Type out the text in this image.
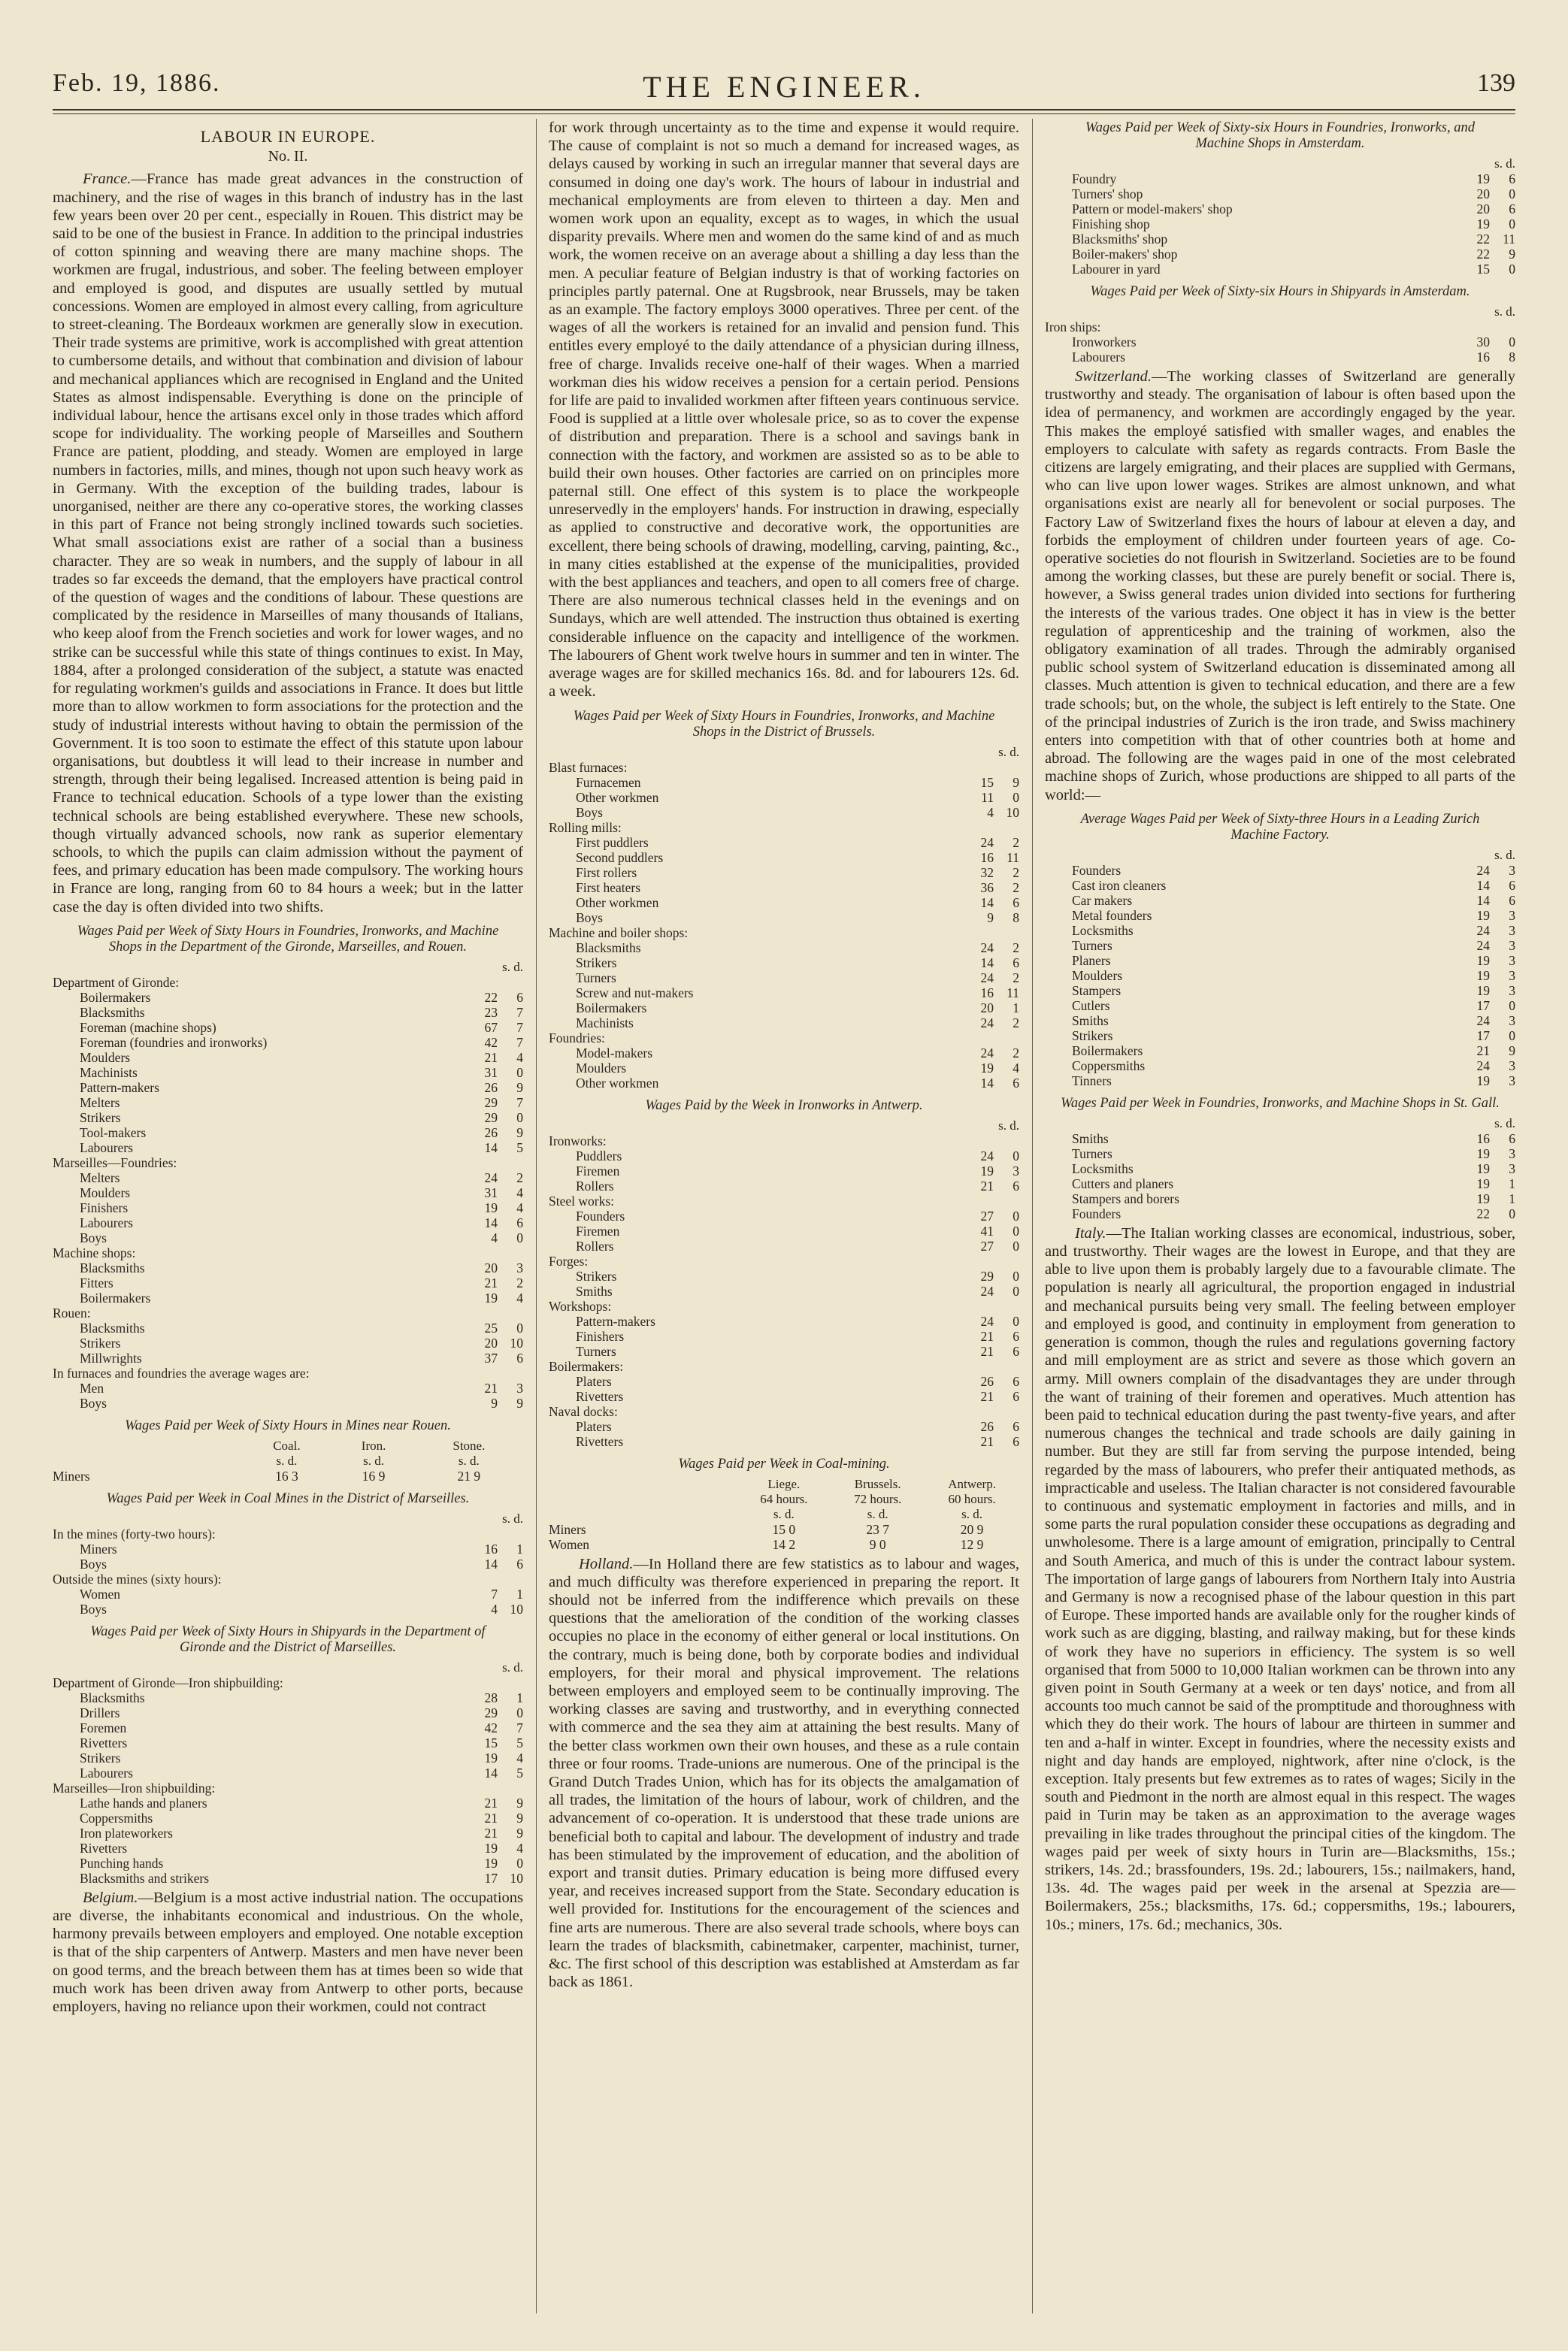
Feb. 19, 1886.	THE ENGINEER.	139
LABOUR IN EUROPE.
No. II.

France.—France has made great advances in the construction of machinery, and the rise of wages in this branch of industry has in the last few years been over 20 per cent., especially in Rouen. This district may be said to be one of the busiest in France. In addition to the principal industries of cotton spinning and weaving there are many machine shops. The workmen are frugal, industrious, and sober. The feeling between employer and employed is good, and disputes are usually settled by mutual concessions. Women are employed in almost every calling, from agriculture to street-cleaning. The Bordeaux workmen are generally slow in execution. Their trade systems are primitive, work is accomplished with great attention to cumbersome details, and without that combination and division of labour and mechanical appliances which are recognised in England and the United States as almost indispensable. Everything is done on the principle of individual labour, hence the artisans excel only in those trades which afford scope for individuality. The working people of Marseilles and Southern France are patient, plodding, and steady. Women are employed in large numbers in factories, mills, and mines, though not upon such heavy work as in Germany. With the exception of the building trades, labour is unorganised, neither are there any co-operative stores, the working classes in this part of France not being strongly inclined towards such societies. What small associations exist are rather of a social than a business character. They are so weak in numbers, and the supply of labour in all trades so far exceeds the demand, that the employers have practical control of the question of wages and the conditions of labour. These questions are complicated by the residence in Marseilles of many thousands of Italians, who keep aloof from the French societies and work for lower wages, and no strike can be successful while this state of things continues to exist. In May, 1884, after a prolonged consideration of the subject, a statute was enacted for regulating workmen's guilds and associations in France. It does but little more than to allow workmen to form associations for the protection and the study of industrial interests without having to obtain the permission of the Government. It is too soon to estimate the effect of this statute upon labour organisations, but doubtless it will lead to their increase in number and strength, through their being legalised. Increased attention is being paid in France to technical education. Schools of a type lower than the existing technical schools are being established everywhere. These new schools, though virtually advanced schools, now rank as superior elementary schools, to which the pupils can claim admission without the payment of fees, and primary education has been made compulsory. The working hours in France are long, ranging from 60 to 84 hours a week; but in the latter case the day is often divided into two shifts.

Wages Paid per Week of Sixty Hours in Foundries, Ironworks, and Machine Shops in the Department of the Gironde, Marseilles, and Rouen.
	s. d.	
Department of Gironde:		
Boilermakers	22	6
Blacksmiths	23	7
Foreman (machine shops)	67	7
Foreman (foundries and ironworks)	42	7
Moulders	21	4
Machinists	31	0
Pattern-makers	26	9
Melters	29	7
Strikers	29	0
Tool-makers	26	9
Labourers	14	5
Marseilles—Foundries:		
Melters	24	2
Moulders	31	4
Finishers	19	4
Labourers	14	6
Boys	4	0
Machine shops:		
Blacksmiths	20	3
Fitters	21	2
Boilermakers	19	4
Rouen:		
Blacksmiths	25	0
Strikers	20	10
Millwrights	37	6
In furnaces and foundries the average wages are:		
Men	21	3
Boys	9	9
Wages Paid per Week of Sixty Hours in Mines near Rouen.
	Coal.	Iron.	Stone.
	s. d.	s. d.	s. d.
Miners	16 3	16 9	21 9
Wages Paid per Week in Coal Mines in the District of Marseilles.
	s. d.	
In the mines (forty-two hours):		
Miners	16	1
Boys	14	6
Outside the mines (sixty hours):		
Women	7	1
Boys	4	10
Wages Paid per Week of Sixty Hours in Shipyards in the Department of Gironde and the District of Marseilles.
	s. d.	
Department of Gironde—Iron shipbuilding:		
Blacksmiths	28	1
Drillers	29	0
Foremen	42	7
Rivetters	15	5
Strikers	19	4
Labourers	14	5
Marseilles—Iron shipbuilding:		
Lathe hands and planers	21	9
Coppersmiths	21	9
Iron plateworkers	21	9
Rivetters	19	4
Punching hands	19	0
Blacksmiths and strikers	17	10

Belgium.—Belgium is a most active industrial nation. The occupations are diverse, the inhabitants economical and industrious. On the whole, harmony prevails between employers and employed. One notable exception is that of the ship carpenters of Antwerp. Masters and men have never been on good terms, and the breach between them has at times been so wide that much work has been driven away from Antwerp to other ports, because employers, having no reliance upon their workmen, could not contract

for work through uncertainty as to the time and expense it would require. The cause of complaint is not so much a demand for increased wages, as delays caused by working in such an irregular manner that several days are consumed in doing one day's work. The hours of labour in industrial and mechanical employments are from eleven to thirteen a day. Men and women work upon an equality, except as to wages, in which the usual disparity prevails. Where men and women do the same kind of and as much work, the women receive on an average about a shilling a day less than the men. A peculiar feature of Belgian industry is that of working factories on principles partly paternal. One at Rugsbrook, near Brussels, may be taken as an example. The factory employs 3000 operatives. Three per cent. of the wages of all the workers is retained for an invalid and pension fund. This entitles every employé to the daily attendance of a physician during illness, free of charge. Invalids receive one-half of their wages. When a married workman dies his widow receives a pension for a certain period. Pensions for life are paid to invalided workmen after fifteen years continuous service. Food is supplied at a little over wholesale price, so as to cover the expense of distribution and preparation. There is a school and savings bank in connection with the factory, and workmen are assisted so as to be able to build their own houses. Other factories are carried on on principles more paternal still. One effect of this system is to place the workpeople unreservedly in the employers' hands. For instruction in drawing, especially as applied to constructive and decorative work, the opportunities are excellent, there being schools of drawing, modelling, carving, painting, &c., in many cities established at the expense of the municipalities, provided with the best appliances and teachers, and open to all comers free of charge. There are also numerous technical classes held in the evenings and on Sundays, which are well attended. The instruction thus obtained is exerting considerable influence on the capacity and intelligence of the workmen. The labourers of Ghent work twelve hours in summer and ten in winter. The average wages are for skilled mechanics 16s. 8d. and for labourers 12s. 6d. a week.

Wages Paid per Week of Sixty Hours in Foundries, Ironworks, and Machine Shops in the District of Brussels.
	s. d.	
Blast furnaces:		
Furnacemen	15	9
Other workmen	11	0
Boys	4	10
Rolling mills:		
First puddlers	24	2
Second puddlers	16	11
First rollers	32	2
First heaters	36	2
Other workmen	14	6
Boys	9	8
Machine and boiler shops:		
Blacksmiths	24	2
Strikers	14	6
Turners	24	2
Screw and nut-makers	16	11
Boilermakers	20	1
Machinists	24	2
Foundries:		
Model-makers	24	2
Moulders	19	4
Other workmen	14	6
Wages Paid by the Week in Ironworks in Antwerp.
	s. d.	
Ironworks:		
Puddlers	24	0
Firemen	19	3
Rollers	21	6
Steel works:		
Founders	27	0
Firemen	41	0
Rollers	27	0
Forges:		
Strikers	29	0
Smiths	24	0
Workshops:		
Pattern-makers	24	0
Finishers	21	6
Turners	21	6
Boilermakers:		
Platers	26	6
Rivetters	21	6
Naval docks:		
Platers	26	6
Rivetters	21	6
Wages Paid per Week in Coal-mining.
	Liege.	Brussels.	Antwerp.
	64 hours.	72 hours.	60 hours.
	s. d.	s. d.	s. d.
Miners	15 0	23 7	20 9
Women	14 2	9 0	12 9

Holland.—In Holland there are few statistics as to labour and wages, and much difficulty was therefore experienced in preparing the report. It should not be inferred from the indifference which prevails on these questions that the amelioration of the condition of the working classes occupies no place in the economy of either general or local institutions. On the contrary, much is being done, both by corporate bodies and individual employers, for their moral and physical improvement. The relations between employers and employed seem to be continually improving. The working classes are saving and trustworthy, and in everything connected with commerce and the sea they aim at attaining the best results. Many of the better class workmen own their own houses, and these as a rule contain three or four rooms. Trade-unions are numerous. One of the principal is the Grand Dutch Trades Union, which has for its objects the amalgamation of all trades, the limitation of the hours of labour, work of children, and the advancement of co-operation. It is understood that these trade unions are beneficial both to capital and labour. The development of industry and trade has been stimulated by the improvement of education, and the abolition of export and transit duties. Primary education is being more diffused every year, and receives increased support from the State. Secondary education is well provided for. Institutions for the encouragement of the sciences and fine arts are numerous. There are also several trade schools, where boys can learn the trades of blacksmith, cabinetmaker, carpenter, machinist, turner, &c. The first school of this description was established at Amsterdam as far back as 1861.

Wages Paid per Week of Sixty-six Hours in Foundries, Ironworks, and Machine Shops in Amsterdam.
	s. d.	
Foundry	19	6
Turners' shop	20	0
Pattern or model-makers' shop	20	6
Finishing shop	19	0
Blacksmiths' shop	22	11
Boiler-makers' shop	22	9
Labourer in yard	15	0
Wages Paid per Week of Sixty-six Hours in Shipyards in Amsterdam.
	s. d.	
Iron ships:		
Ironworkers	30	0
Labourers	16	8

Switzerland.—The working classes of Switzerland are generally trustworthy and steady. The organisation of labour is often based upon the idea of permanency, and workmen are accordingly engaged by the year. This makes the employé satisfied with smaller wages, and enables the employers to calculate with safety as regards contracts. From Basle the citizens are largely emigrating, and their places are supplied with Germans, who can live upon lower wages. Strikes are almost unknown, and what organisations exist are nearly all for benevolent or social purposes. The Factory Law of Switzerland fixes the hours of labour at eleven a day, and forbids the employment of children under fourteen years of age. Co-operative societies do not flourish in Switzerland. Societies are to be found among the working classes, but these are purely benefit or social. There is, however, a Swiss general trades union divided into sections for furthering the interests of the various trades. One object it has in view is the better regulation of apprenticeship and the training of workmen, also the obligatory examination of all trades. Through the admirably organised public school system of Switzerland education is disseminated among all classes. Much attention is given to technical education, and there are a few trade schools; but, on the whole, the subject is left entirely to the State. One of the principal industries of Zurich is the iron trade, and Swiss machinery enters into competition with that of other countries both at home and abroad. The following are the wages paid in one of the most celebrated machine shops of Zurich, whose productions are shipped to all parts of the world:—

Average Wages Paid per Week of Sixty-three Hours in a Leading Zurich Machine Factory.
	s. d.	
Founders	24	3
Cast iron cleaners	14	6
Car makers	14	6
Metal founders	19	3
Locksmiths	24	3
Turners	24	3
Planers	19	3
Moulders	19	3
Stampers	19	3
Cutlers	17	0
Smiths	24	3
Strikers	17	0
Boilermakers	21	9
Coppersmiths	24	3
Tinners	19	3
Wages Paid per Week in Foundries, Ironworks, and Machine Shops in St. Gall.
	s. d.	
Smiths	16	6
Turners	19	3
Locksmiths	19	3
Cutters and planers	19	1
Stampers and borers	19	1
Founders	22	0

Italy.—The Italian working classes are economical, industrious, sober, and trustworthy. Their wages are the lowest in Europe, and that they are able to live upon them is probably largely due to a favourable climate. The population is nearly all agricultural, the proportion engaged in industrial and mechanical pursuits being very small. The feeling between employer and employed is good, and continuity in employment from generation to generation is common, though the rules and regulations governing factory and mill employment are as strict and severe as those which govern an army. Mill owners complain of the disadvantages they are under through the want of training of their foremen and operatives. Much attention has been paid to technical education during the past twenty-five years, and after numerous changes the technical and trade schools are daily gaining in number. But they are still far from serving the purpose intended, being regarded by the mass of labourers, who prefer their antiquated methods, as impracticable and useless. The Italian character is not considered favourable to continuous and systematic employment in factories and mills, and in some parts the rural population consider these occupations as degrading and unwholesome. There is a large amount of emigration, principally to Central and South America, and much of this is under the contract labour system. The importation of large gangs of labourers from Northern Italy into Austria and Germany is now a recognised phase of the labour question in this part of Europe. These imported hands are available only for the rougher kinds of work such as are digging, blasting, and railway making, but for these kinds of work they have no superiors in efficiency. The system is so well organised that from 5000 to 10,000 Italian workmen can be thrown into any given point in South Germany at a week or ten days' notice, and from all accounts too much cannot be said of the promptitude and thoroughness with which they do their work. The hours of labour are thirteen in summer and ten and a-half in winter. Except in foundries, where the necessity exists and night and day hands are employed, nightwork, after nine o'clock, is the exception. Italy presents but few extremes as to rates of wages; Sicily in the south and Piedmont in the north are almost equal in this respect. The wages paid in Turin may be taken as an approximation to the average wages prevailing in like trades throughout the principal cities of the kingdom. The wages paid per week of sixty hours in Turin are—Blacksmiths, 15s.; strikers, 14s. 2d.; brassfounders, 19s. 2d.; labourers, 15s.; nailmakers, hand, 13s. 4d. The wages paid per week in the arsenal at Spezzia are—Boilermakers, 25s.; blacksmiths, 17s. 6d.; coppersmiths, 19s.; labourers, 10s.; miners, 17s. 6d.; mechanics, 30s.
